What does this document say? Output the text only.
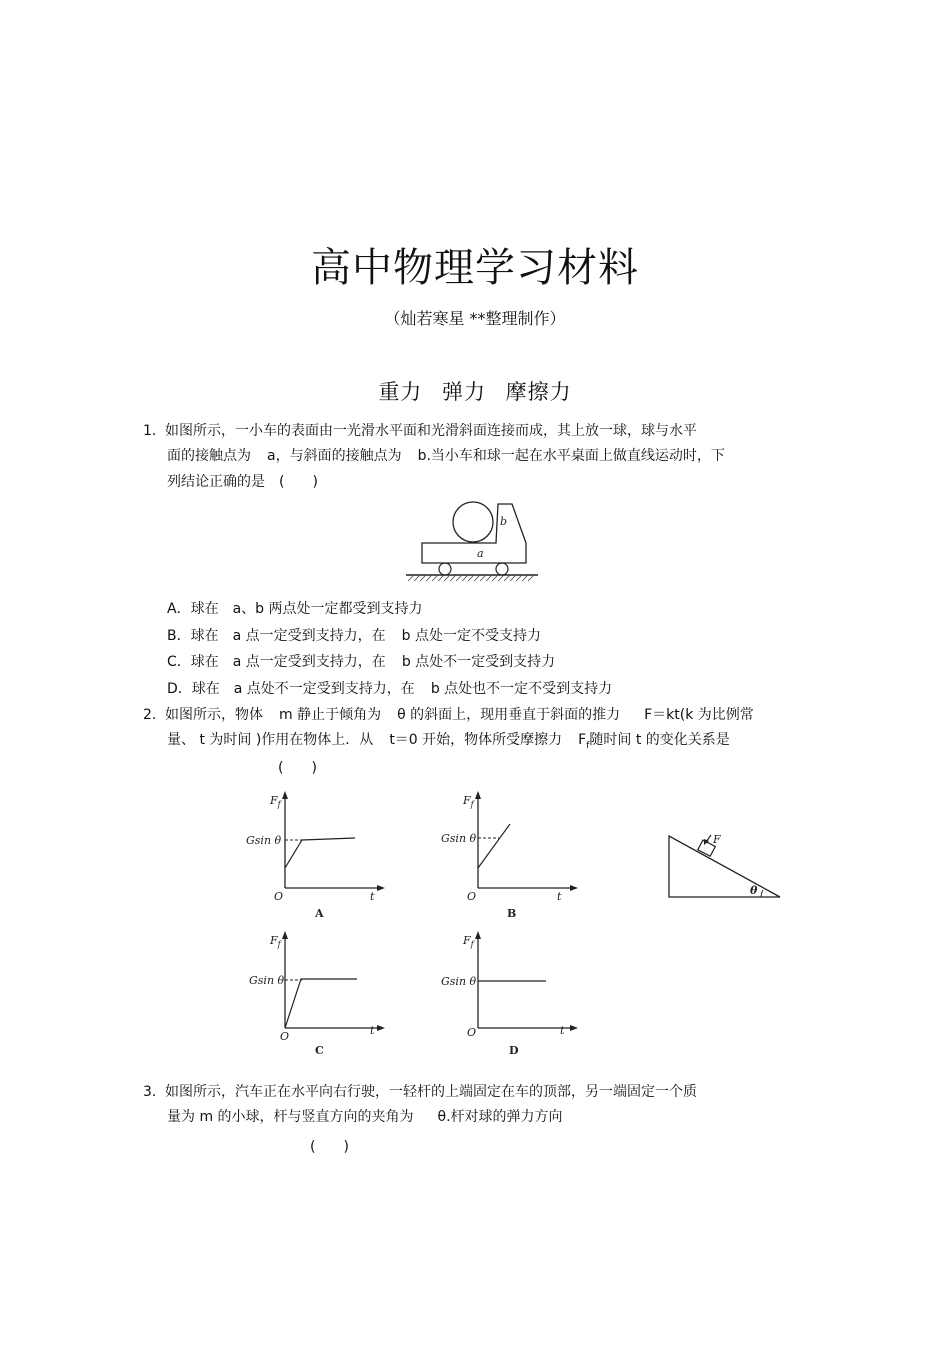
高中物理学习材料
（灿若寒星 **整理制作）
重力 弹力 摩擦力
1. 如图所示，一小车的表面由一光滑水平面和光滑斜面连接而成，其上放一球，球与水平
面的接触点为 a，与斜面的接触点为 b.当小车和球一起在水平桌面上做直线运动时，下
列结论正确的是　(　　)
a
b
A．球在　a、b 两点处一定都受到支持力
B．球在　a 点一定受到支持力，在 b 点处一定不受支持力
C．球在　a 点一定受到支持力，在 b 点处不一定受到支持力
D．球在　a 点处不一定受到支持力，在 b 点处也不一定不受到支持力
2. 如图所示，物体 m 静止于倾角为 θ 的斜面上，现用垂直于斜面的推力 F＝kt(k 为比例常
量、 t 为时间 )作用在物体上．从 t＝0 开始，物体所受摩擦力 $F_f$随时间 t 的变化关系是
(　　)
$F_f$
Gsin θ
O	t
A
$F_f$
Gsin θ
O	t
B
F
θ
$F_f$
Gsin θ
O	t
C
$F_f$
Gsin θ
O	t
D
3. 如图所示，汽车正在水平向右行驶，一轻杆的上端固定在车的顶部，另一端固定一个质
量为 m 的小球，杆与竖直方向的夹角为 θ.杆对球的弹力方向
(　　)
